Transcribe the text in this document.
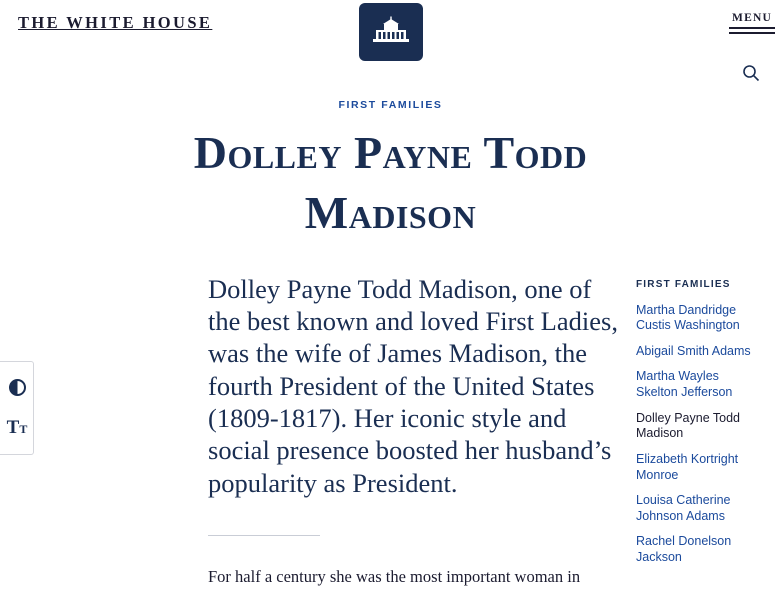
THE WHITE HOUSE	MENU
FIRST FAMILIES
Dolley Payne Todd Madison

Dolley Payne Todd Madison, one of the best known and loved First Ladies, was the wife of James Madison, the fourth President of the United States (1809-1817). Her iconic style and social presence boosted her husband’s popularity as President.

For half a century she was the most important woman in

FIRST FAMILIES
Martha Dandridge Custis Washington
Abigail Smith Adams
Martha Wayles Skelton Jefferson
Dolley Payne Todd Madison
Elizabeth Kortright Monroe
Louisa Catherine Johnson Adams
Rachel Donelson Jackson
TT
